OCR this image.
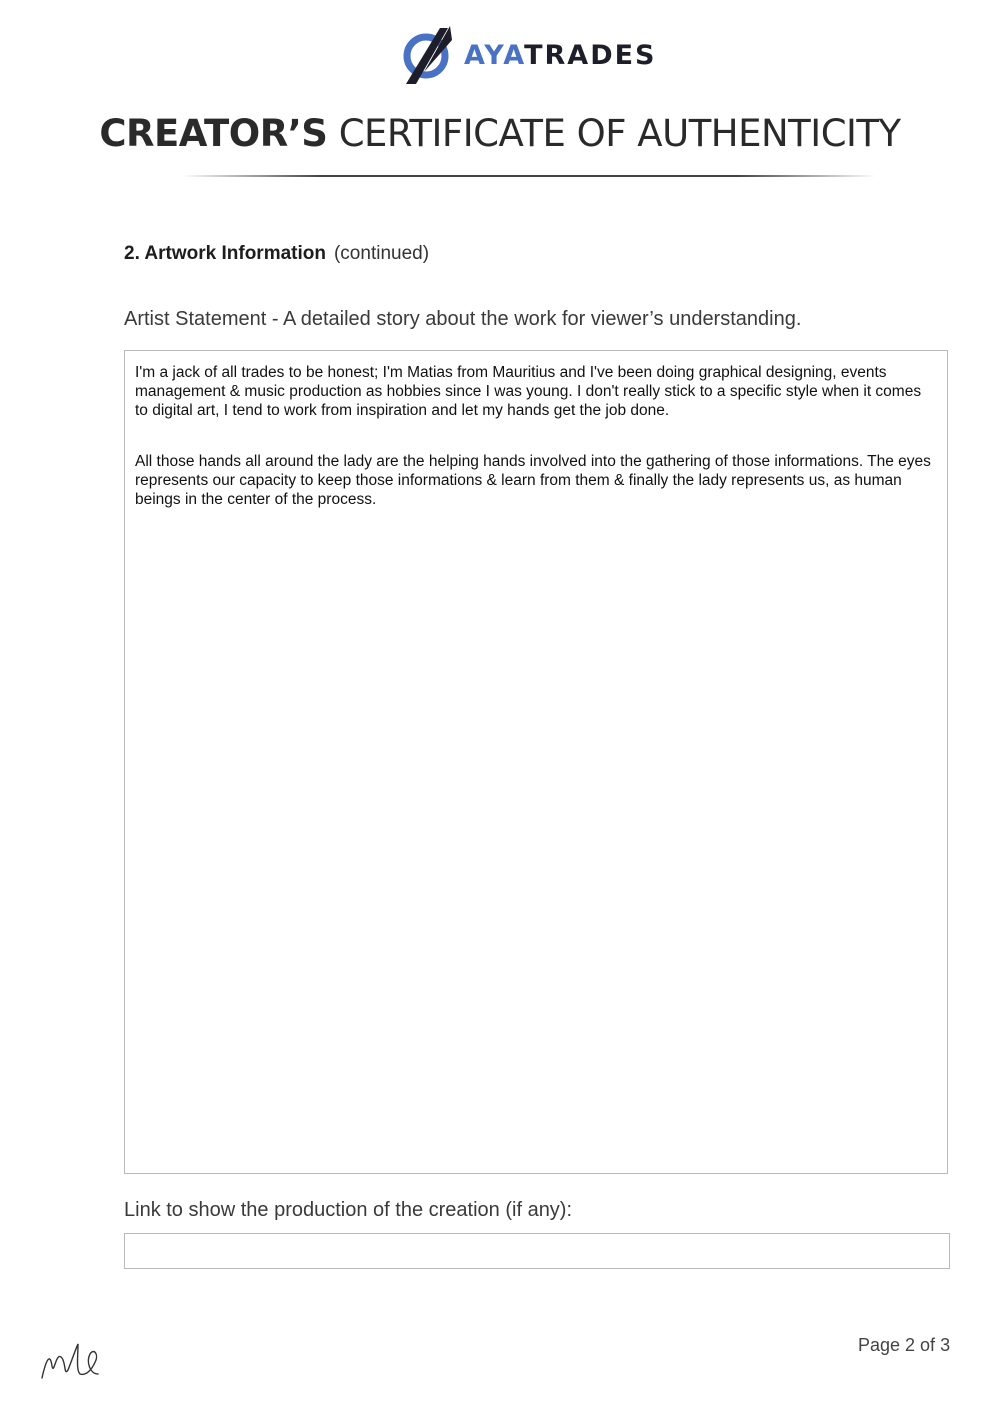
AYATRADES
CREATOR’S CERTIFICATE OF AUTHENTICITY
2. Artwork Information (continued)
Artist Statement - A detailed story about the work for viewer’s understanding.

I'm a jack of all trades to be honest; I'm Matias from Mauritius and I've been doing graphical designing, events management & music production as hobbies since I was young. I don't really stick to a specific style when it comes to digital art, I tend to work from inspiration and let my hands get the job done.

All those hands all around the lady are the helping hands involved into the gathering of those informations. The eyes represents our capacity to keep those informations & learn from them & finally the lady represents us, as human beings in the center of the process.

Link to show the production of the creation (if any):
Page 2 of 3
